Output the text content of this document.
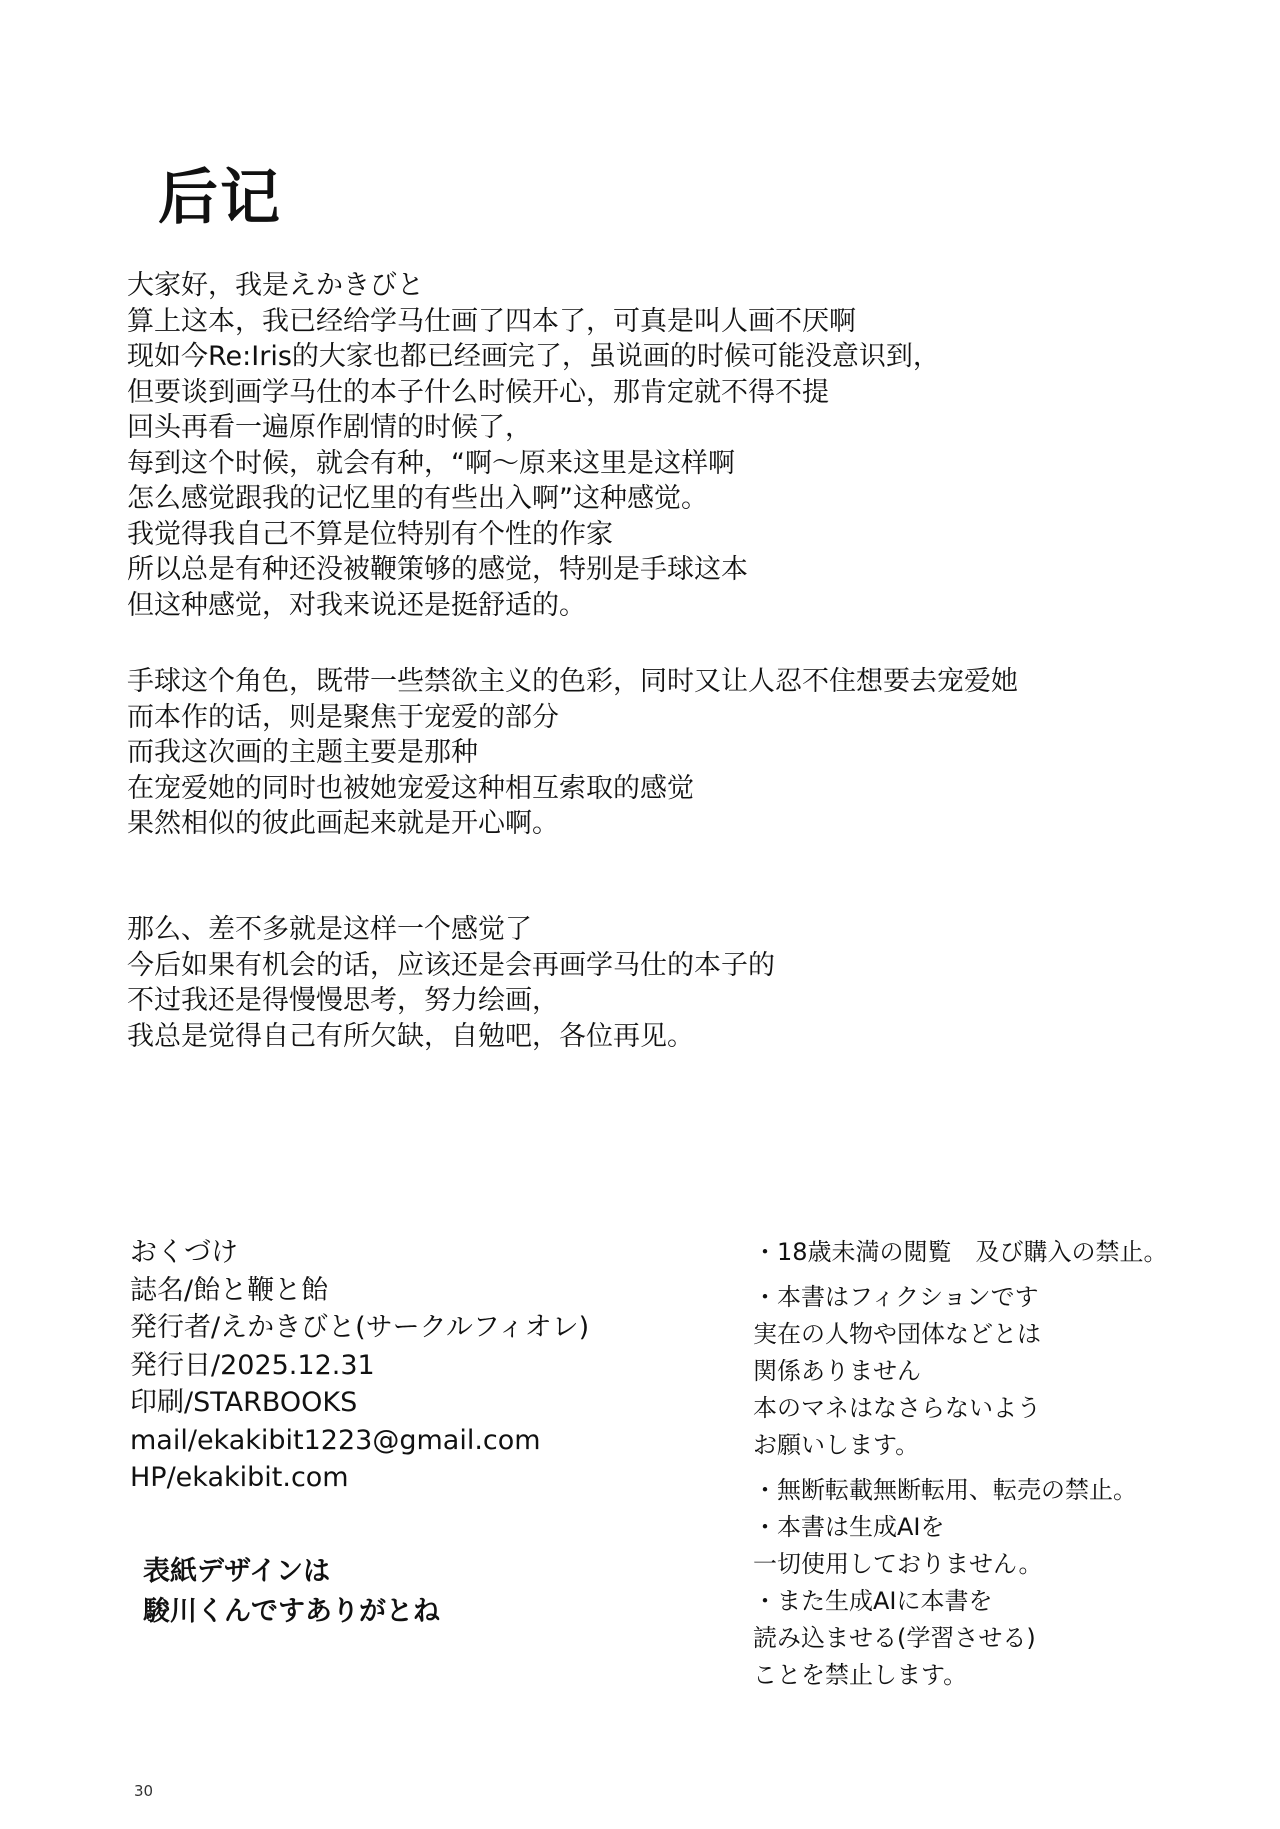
后记
大家好，我是えかきびと
算上这本，我已经给学马仕画了四本了，可真是叫人画不厌啊
现如今Re:Iris的大家也都已经画完了，虽说画的时候可能没意识到，
但要谈到画学马仕的本子什么时候开心，那肯定就不得不提
回头再看一遍原作剧情的时候了，
每到这个时候，就会有种，“啊～原来这里是这样啊
怎么感觉跟我的记忆里的有些出入啊”这种感觉。
我觉得我自己不算是位特别有个性的作家
所以总是有种还没被鞭策够的感觉，特别是手球这本
但这种感觉，对我来说还是挺舒适的。
手球这个角色，既带一些禁欲主义的色彩，同时又让人忍不住想要去宠爱她
而本作的话，则是聚焦于宠爱的部分
而我这次画的主题主要是那种
在宠爱她的同时也被她宠爱这种相互索取的感觉
果然相似的彼此画起来就是开心啊。
那么、差不多就是这样一个感觉了
今后如果有机会的话，应该还是会再画学马仕的本子的
不过我还是得慢慢思考，努力绘画，
我总是觉得自己有所欠缺，自勉吧，各位再见。
おくづけ
誌名/飴と鞭と飴
発行者/えかきびと(サークルフィオレ)
発行日/2025.12.31
印刷/STARBOOKS
mail/ekakibit1223@gmail.com
HP/ekakibit.com
表紙デザインは
駿川くんですありがとね
・18歳未満の閲覧　及び購入の禁止。
・本書はフィクションです
実在の人物や団体などとは
関係ありません
本のマネはなさらないよう
お願いします。
・無断転載無断転用、転売の禁止。
・本書は生成AIを
一切使用しておりません。
・また生成AIに本書を
読み込ませる(学習させる)
ことを禁止します。
30
